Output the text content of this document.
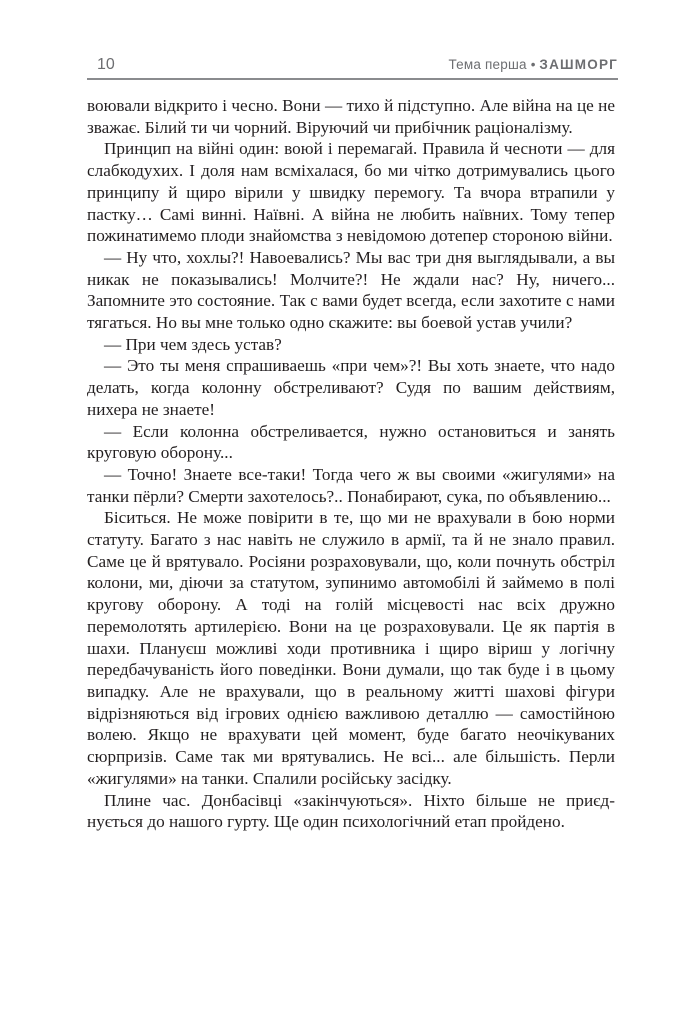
10	Тема перша • ЗАШМОРГ

воювали відкрито і чесно. Вони — тихо й підступно. Але війна на це не зважає. Білий ти чи чорний. Віруючий чи прибічник раціоналізму.

Принцип на війні один: воюй і перемагай. Правила й чесноти — для слабкодухих. І доля нам всміхалася, бо ми чітко дотримувались цього принципу й щиро вірили у швидку перемогу. Та вчора втрапили у пастку… Самі винні. Наївні. А війна не любить наївних. Тому тепер пожинатимемо плоди знайомства з невідомою дотепер стороною війни.

— Ну что, хохлы?! Навоевались? Мы вас три дня выглядывали, а вы никак не показывались! Молчите?! Не ждали нас? Ну, ничего... Запомните это состояние. Так с вами будет всегда, если захотите с нами тягаться. Но вы мне только одно скажите: вы боевой устав учили?

— При чем здесь устав?

— Это ты меня спрашиваешь «при чем»?! Вы хоть знаете, что надо делать, когда колонну обстреливают? Судя по вашим действиям, нихера не знаете!

— Если колонна обстреливается, нужно остановиться и занять круговую оборону...

— Точно! Знаете все-таки! Тогда чего ж вы своими «жигулями» на танки пёрли? Смерти захотелось?.. Понабирают, сука, по объявлению...

Біситься. Не може повірити в те, що ми не врахували в бою норми статуту. Багато з нас навіть не служило в армії, та й не знало правил. Саме це й врятувало. Росіяни розраховували, що, коли почнуть обстріл колони, ми, діючи за статутом, зупинимо автомобілі й займемо в полі кругову оборону. А тоді на голій місцевості нас всіх дружно перемолотять артилерією. Вони на це розраховували. Це як партія в шахи. Плануєш можливі ходи противника і щиро віриш у логічну передбачуваність його поведінки. Вони думали, що так буде і в цьому випадку. Але не врахували, що в реальному житті шахові фігури відрізняються від ігрових однією важливою деталлю — самостійною волею. Якщо не врахувати цей момент, буде багато неочікуваних сюрпризів. Саме так ми врятувались. Не всі... але більшість. Перли «жигулями» на танки. Спалили російську засідку.

Плине час. Донбасівці «закінчуються». Ніхто більше не приєднується до нашого гурту. Ще один психологічний етап пройдено.
